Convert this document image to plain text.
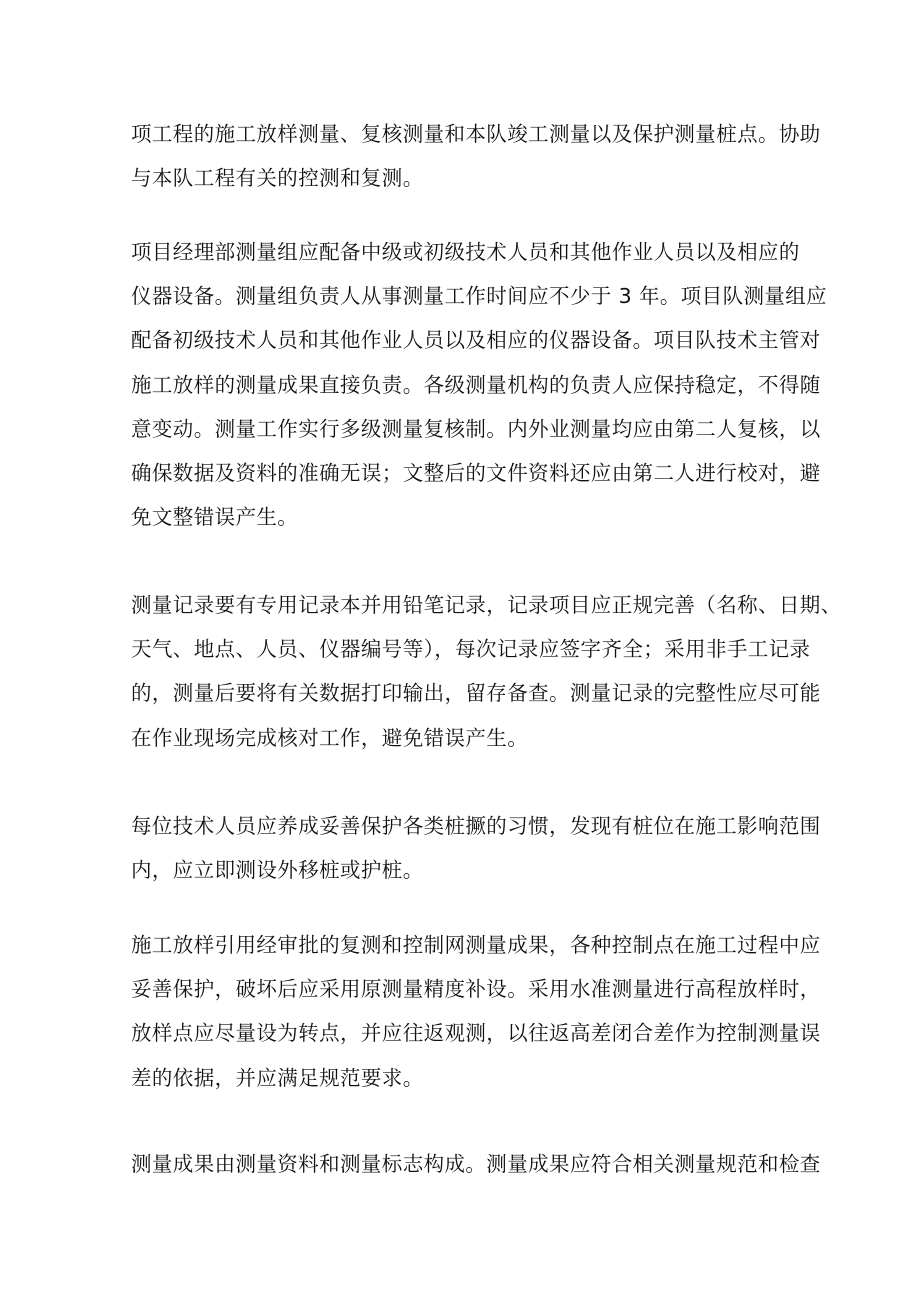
项工程的施工放样测量、复核测量和本队竣工测量以及保护测量桩点。协助
与本队工程有关的控测和复测。

项目经理部测量组应配备中级或初级技术人员和其他作业人员以及相应的
仪器设备。测量组负责人从事测量工作时间应不少于 3 年。项目队测量组应
配备初级技术人员和其他作业人员以及相应的仪器设备。项目队技术主管对
施工放样的测量成果直接负责。各级测量机构的负责人应保持稳定，不得随
意变动。测量工作实行多级测量复核制。内外业测量均应由第二人复核，以
确保数据及资料的准确无误；文整后的文件资料还应由第二人进行校对，避
免文整错误产生。

测量记录要有专用记录本并用铅笔记录，记录项目应正规完善（名称、日期、
天气、地点、人员、仪器编号等），每次记录应签字齐全；采用非手工记录
的，测量后要将有关数据打印输出，留存备查。测量记录的完整性应尽可能
在作业现场完成核对工作，避免错误产生。

每位技术人员应养成妥善保护各类桩撅的习惯，发现有桩位在施工影响范围
内，应立即测设外移桩或护桩。

施工放样引用经审批的复测和控制网测量成果，各种控制点在施工过程中应
妥善保护，破坏后应采用原测量精度补设。采用水准测量进行高程放样时，
放样点应尽量设为转点，并应往返观测，以往返高差闭合差作为控制测量误
差的依据，并应满足规范要求。

测量成果由测量资料和测量标志构成。测量成果应符合相关测量规范和检查
